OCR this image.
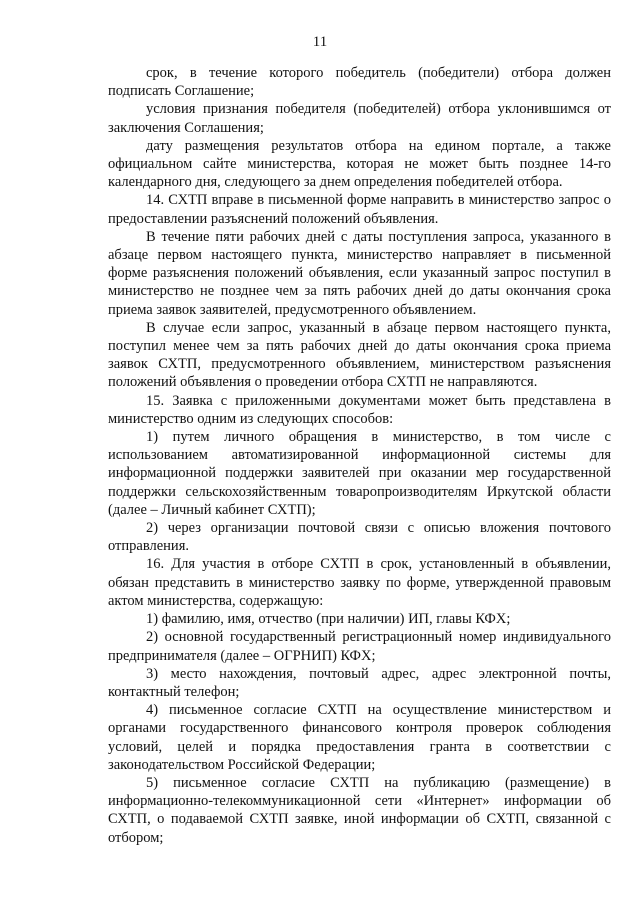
11

срок, в течение которого победитель (победители) отбора должен подписать Соглашение;

условия признания победителя (победителей) отбора уклонившимся от заключения Соглашения;

дату размещения результатов отбора на едином портале, а также официальном сайте министерства, которая не может быть позднее 14-го календарного дня, следующего за днем определения победителей отбора.

14. СХТП вправе в письменной форме направить в министерство запрос о предоставлении разъяснений положений объявления.

В течение пяти рабочих дней с даты поступления запроса, указанного в абзаце первом настоящего пункта, министерство направляет в письменной форме разъяснения положений объявления, если указанный запрос поступил в министерство не позднее чем за пять рабочих дней до даты окончания срока приема заявок заявителей, предусмотренного объявлением.

В случае если запрос, указанный в абзаце первом настоящего пункта, поступил менее чем за пять рабочих дней до даты окончания срока приема заявок СХТП, предусмотренного объявлением, министерством разъяснения положений объявления о проведении отбора СХТП не направляются.

15. Заявка с приложенными документами может быть представлена в министерство одним из следующих способов:

1) путем личного обращения в министерство, в том числе с использованием автоматизированной информационной системы для информационной поддержки заявителей при оказании мер государственной поддержки сельскохозяйственным товаропроизводителям Иркутской области (далее – Личный кабинет СХТП);

2) через организации почтовой связи с описью вложения почтового отправления.

16. Для участия в отборе СХТП в срок, установленный в объявлении, обязан представить в министерство заявку по форме, утвержденной правовым актом министерства, содержащую:

1) фамилию, имя, отчество (при наличии) ИП, главы КФХ;

2) основной государственный регистрационный номер индивидуального предпринимателя (далее – ОГРНИП) КФХ;

3) место нахождения, почтовый адрес, адрес электронной почты, контактный телефон;

4) письменное согласие СХТП на осуществление министерством и органами государственного финансового контроля проверок соблюдения условий, целей и порядка предоставления гранта в соответствии с законодательством Российской Федерации;

5) письменное согласие СХТП на публикацию (размещение) в информационно-телекоммуникационной сети «Интернет» информации об СХТП, о подаваемой СХТП заявке, иной информации об СХТП, связанной с отбором;
